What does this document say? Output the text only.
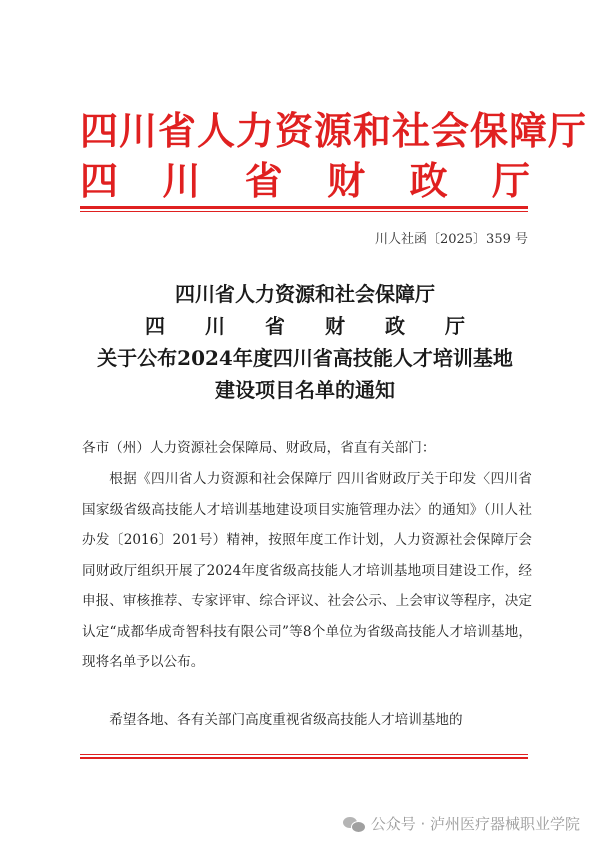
四川省人力资源和社会保障厅
四 川 省 财 政 厅
川人社函〔2025〕359 号
四川省人力资源和社会保障厅
四 川 省 财 政 厅
关于公布2024年度四川省高技能人才培训基地
建设项目名单的通知
各市（州）人力资源社会保障局、财政局，省直有关部门：
根据《四川省人力资源和社会保障厅 四川省财政厅关于印发〈四川省国家级省级高技能人才培训基地建设项目实施管理办法〉的通知》（川人社办发〔2016〕201号）精神，按照年度工作计划，人力资源社会保障厅会同财政厅组织开展了2024年度省级高技能人才培训基地项目建设工作，经申报、审核推荐、专家评审、综合评议、社会公示、上会审议等程序，决定认定“成都华成奇智科技有限公司”等8个单位为省级高技能人才培训基地，现将名单予以公布。
希望各地、各有关部门高度重视省级高技能人才培训基地的
公众号 · 泸州医疗器械职业学院
